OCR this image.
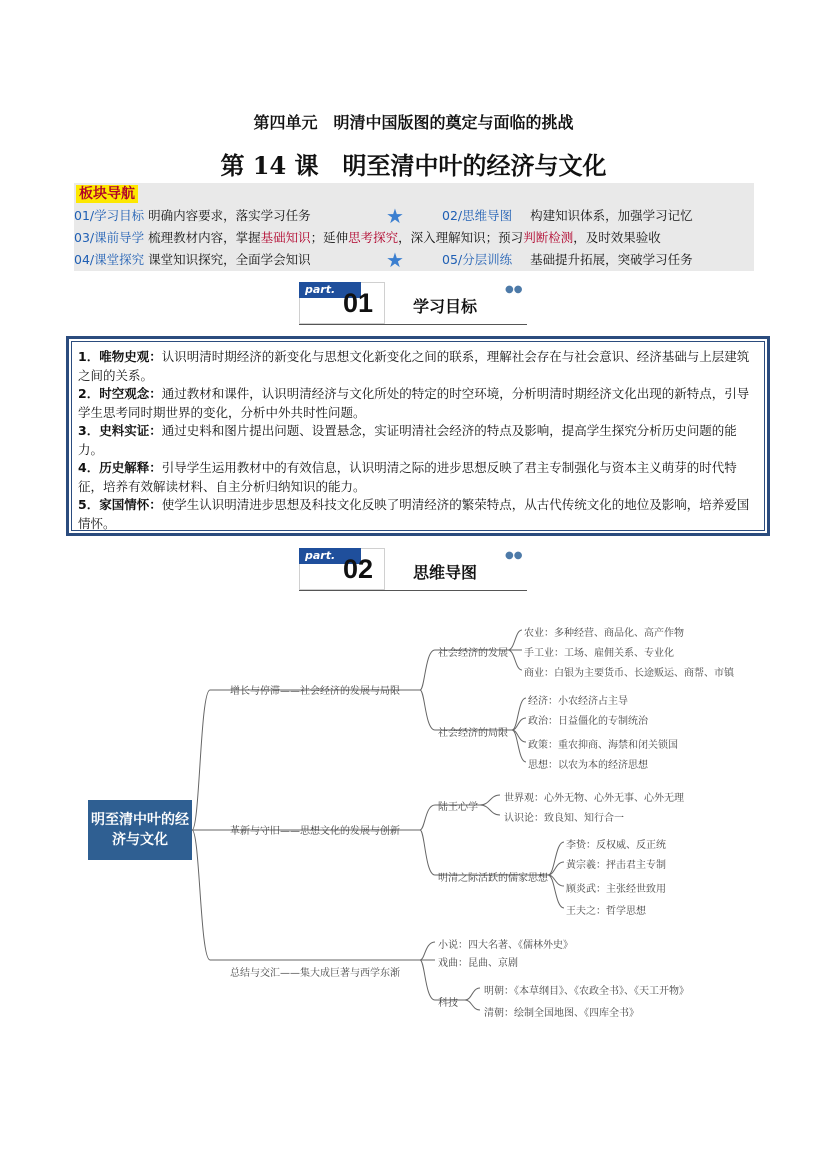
第四单元　明清中国版图的奠定与面临的挑战
第 14 课　明至清中叶的经济与文化
板块导航
01/学习目标 明确内容要求，落实学习任务	★	02/思维导图 构建知识体系，加强学习记忆
03/课前导学 梳理教材内容，掌握基础知识；延伸思考探究，深入理解知识；预习判断检测，及时效果验收
04/课堂探究 课堂知识探究，全面学会知识	★	05/分层训练 基础提升拓展，突破学习任务
part. 01 学习目标
●●
1．唯物史观：认识明清时期经济的新变化与思想文化新变化之间的联系，理解社会存在与社会意识、经济基础与上层建筑之间的关系。
2．时空观念：通过教材和课件，认识明清经济与文化所处的特定的时空环境，分析明清时期经济文化出现的新特点，引导学生思考同时期世界的变化，分析中外共时性问题。
3．史料实证：通过史料和图片提出问题、设置悬念，实证明清社会经济的特点及影响，提高学生探究分析历史问题的能力。
4．历史解释：引导学生运用教材中的有效信息，认识明清之际的进步思想反映了君主专制强化与资本主义萌芽的时代特征，培养有效解读材料、自主分析归纳知识的能力。
5．家国情怀：使学生认识明清进步思想及科技文化反映了明清经济的繁荣特点，从古代传统文化的地位及影响，培养爱国情怀。
part. 02 思维导图
●●
明至清中叶的经济与文化
增长与停滞——社会经济的发展与局限
社会经济的发展
农业：多种经营、商品化、高产作物
手工业：工场、雇佣关系、专业化
商业：白银为主要货币、长途贩运、商帮、市镇
社会经济的局限
经济：小农经济占主导
政治：日益僵化的专制统治
政策：重农抑商、海禁和闭关锁国
思想：以农为本的经济思想
革新与守旧——思想文化的发展与创新
陆王心学
世界观：心外无物、心外无事、心外无理
认识论：致良知、知行合一
明清之际活跃的儒家思想
李贽：反权威、反正统
黄宗羲：抨击君主专制
顾炎武：主张经世致用
王夫之：哲学思想
总结与交汇——集大成巨著与西学东渐
小说：四大名著、《儒林外史》
戏曲：昆曲、京剧
科技
明朝：《本草纲目》、《农政全书》、《天工开物》
清朝：绘制全国地图、《四库全书》
